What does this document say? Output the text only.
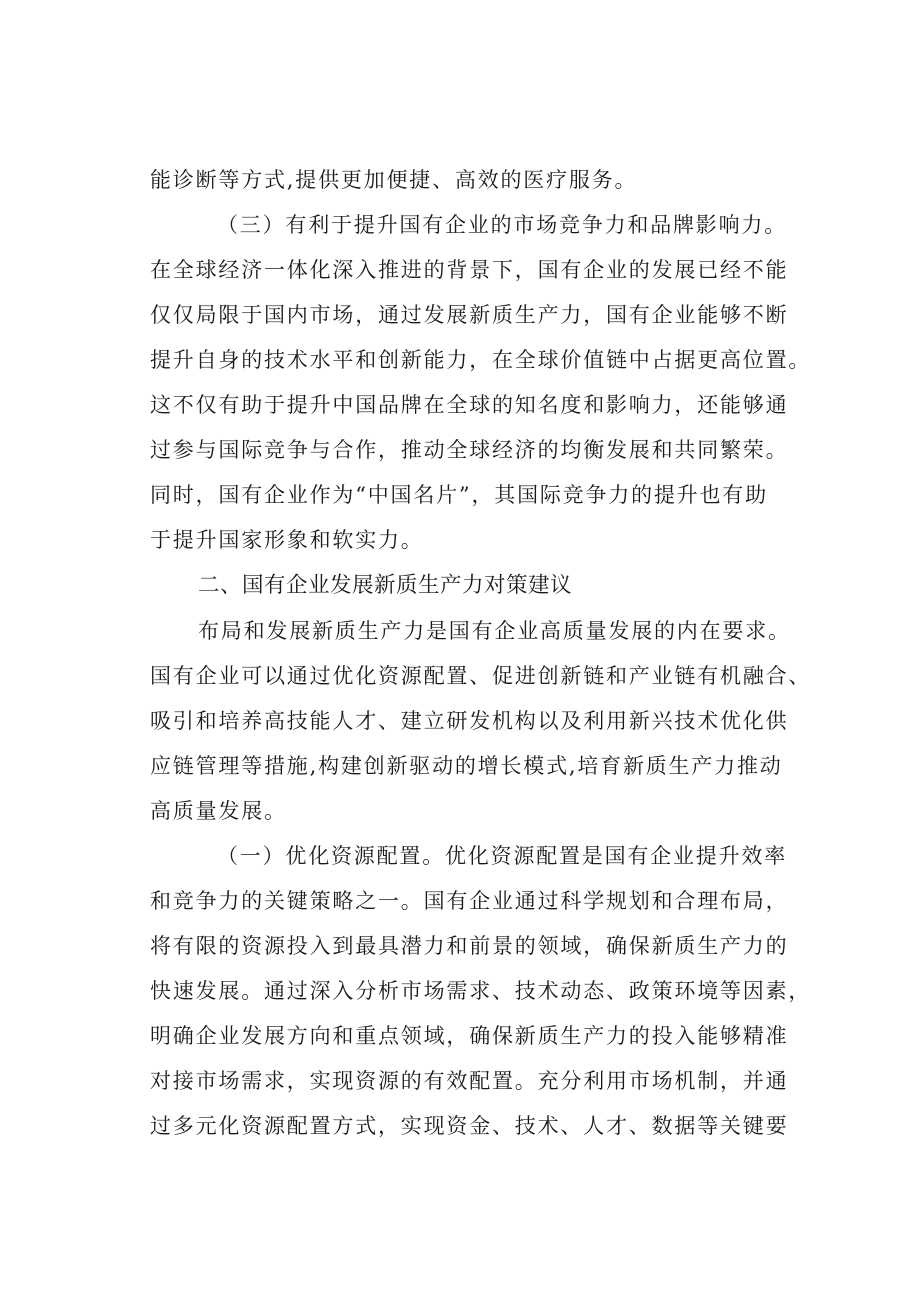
能诊断等方式,提供更加便捷、高效的医疗服务。
（三）有利于提升国有企业的市场竞争力和品牌影响力。
在全球经济一体化深入推进的背景下，国有企业的发展已经不能
仅仅局限于国内市场，通过发展新质生产力，国有企业能够不断
提升自身的技术水平和创新能力，在全球价值链中占据更高位置。
这不仅有助于提升中国品牌在全球的知名度和影响力，还能够通
过参与国际竞争与合作，推动全球经济的均衡发展和共同繁荣。
同时，国有企业作为“中国名片”，其国际竞争力的提升也有助
于提升国家形象和软实力。
二、国有企业发展新质生产力对策建议
布局和发展新质生产力是国有企业高质量发展的内在要求。
国有企业可以通过优化资源配置、促进创新链和产业链有机融合、
吸引和培养高技能人才、建立研发机构以及利用新兴技术优化供
应链管理等措施,构建创新驱动的增长模式,培育新质生产力推动
高质量发展。
（一）优化资源配置。优化资源配置是国有企业提升效率
和竞争力的关键策略之一。国有企业通过科学规划和合理布局，
将有限的资源投入到最具潜力和前景的领域，确保新质生产力的
快速发展。通过深入分析市场需求、技术动态、政策环境等因素，
明确企业发展方向和重点领域，确保新质生产力的投入能够精准
对接市场需求，实现资源的有效配置。充分利用市场机制，并通
过多元化资源配置方式，实现资金、技术、人才、数据等关键要
